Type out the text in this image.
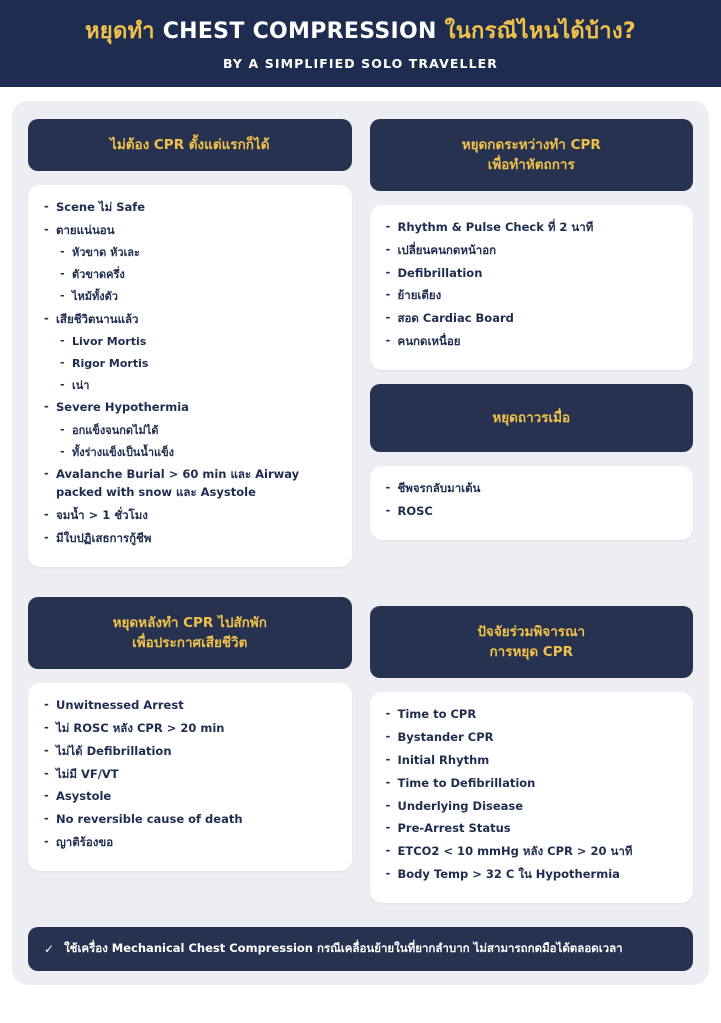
หยุดทำ CHEST COMPRESSION ในกรณีไหนได้บ้าง?
BY A SIMPLIFIED SOLO TRAVELLER
ไม่ต้อง CPR ตั้งแต่แรกก็ได้
- Scene ไม่ Safe
- ตายแน่นอน
- หัวขาด หัวเละ
- ตัวขาดครึ่ง
- ไหม้ทั้งตัว
- เสียชีวิตนานแล้ว
- Livor Mortis
- Rigor Mortis
- เน่า
- Severe Hypothermia
- อกแข็งจนกดไม่ได้
- ทั้งร่างแข็งเป็นน้ำแข็ง
- Avalanche Burial > 60 min และ Airway packed with snow และ Asystole
- จมน้ำ > 1 ชั่วโมง
- มีใบปฏิเสธการกู้ชีพ
หยุดหลังทำ CPR ไปสักพัก
เพื่อประกาศเสียชีวิต
- Unwitnessed Arrest
- ไม่ ROSC หลัง CPR > 20 min
- ไม่ได้ Defibrillation
- ไม่มี VF/VT
- Asystole
- No reversible cause of death
- ญาติร้องขอ
หยุดกดระหว่างทำ CPR
เพื่อทำหัตถการ
- Rhythm & Pulse Check ที่ 2 นาที
- เปลี่ยนคนกดหน้าอก
- Defibrillation
- ย้ายเตียง
- สอด Cardiac Board
- คนกดเหนื่อย
หยุดถาวรเมื่อ
- ชีพจรกลับมาเต้น
- ROSC
ปัจจัยร่วมพิจารณา
การหยุด CPR
- Time to CPR
- Bystander CPR
- Initial Rhythm
- Time to Defibrillation
- Underlying Disease
- Pre-Arrest Status
- ETCO2 < 10 mmHg หลัง CPR > 20 นาที
- Body Temp > 32 C ใน Hypothermia
✓ ใช้เครื่อง Mechanical Chest Compression กรณีเคลื่อนย้ายในที่ยากลำบาก ไม่สามารถกดมือได้ตลอดเวลา
